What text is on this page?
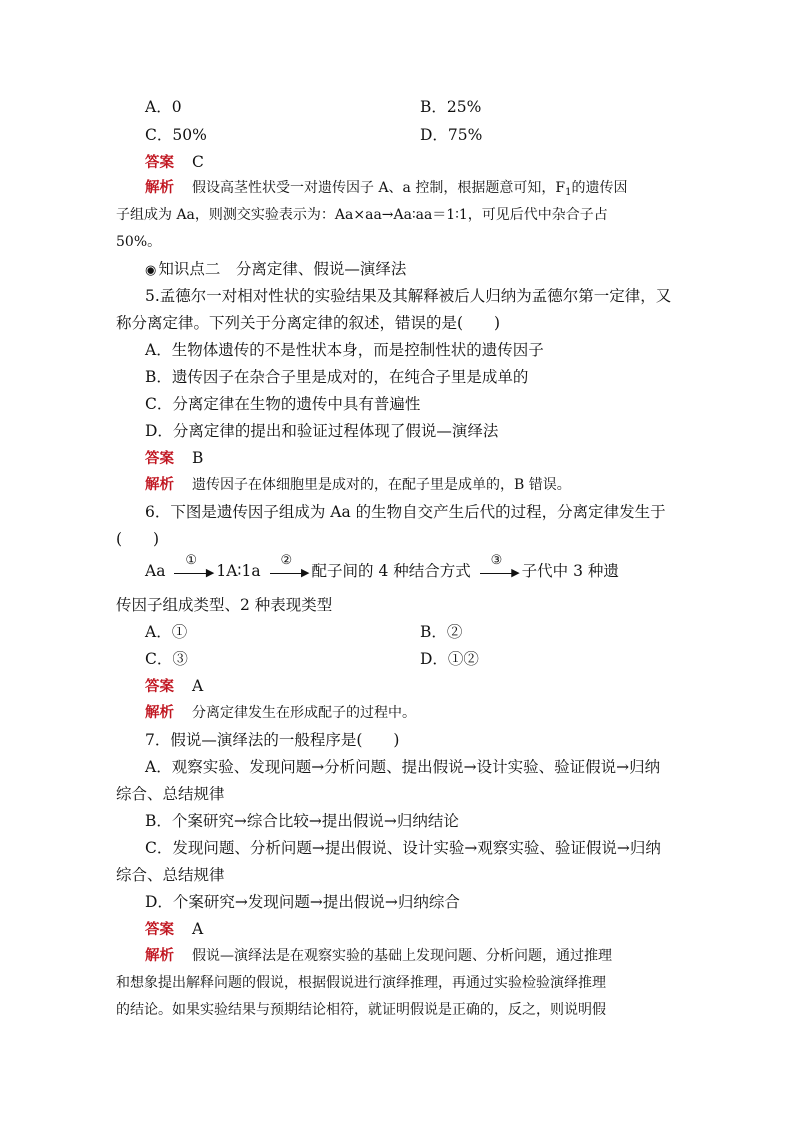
A．0	B．25%
C．50%	D．75%
答案 C
解析 假设高茎性状受一对遗传因子 A、a 控制，根据题意可知，$F_1$的遗传因
子组成为 Aa，则测交实验表示为：Aa×aa→Aa∶aa＝1∶1，可见后代中杂合子占
50%。
◉ 知识点二　分离定律、假说—演绎法
5.孟德尔一对相对性状的实验结果及其解释被后人归纳为孟德尔第一定律，又
称分离定律。下列关于分离定律的叙述，错误的是(　　)
A．生物体遗传的不是性状本身，而是控制性状的遗传因子
B．遗传因子在杂合子里是成对的，在纯合子里是成单的
C．分离定律在生物的遗传中具有普遍性
D．分离定律的提出和验证过程体现了假说—演绎法
答案 B
解析 遗传因子在体细胞里是成对的，在配子里是成单的，B 错误。
6．下图是遗传因子组成为 Aa 的生物自交产生后代的过程，分离定律发生于
(　　)
Aa
①
▶ 1A∶1a
②
▶ 配子间的 4 种结合方式
③
▶ 子代中 3 种遗
传因子组成类型、2 种表现类型
A．①	B．②
C．③	D．①②
答案 A
解析 分离定律发生在形成配子的过程中。
7．假说—演绎法的一般程序是(　　)
A．观察实验、发现问题→分析问题、提出假说→设计实验、验证假说→归纳
综合、总结规律
B．个案研究→综合比较→提出假说→归纳结论
C．发现问题、分析问题→提出假说、设计实验→观察实验、验证假说→归纳
综合、总结规律
D．个案研究→发现问题→提出假说→归纳综合
答案 A
解析 假说—演绎法是在观察实验的基础上发现问题、分析问题，通过推理
和想象提出解释问题的假说，根据假说进行演绎推理，再通过实验检验演绎推理
的结论。如果实验结果与预期结论相符，就证明假说是正确的，反之，则说明假
